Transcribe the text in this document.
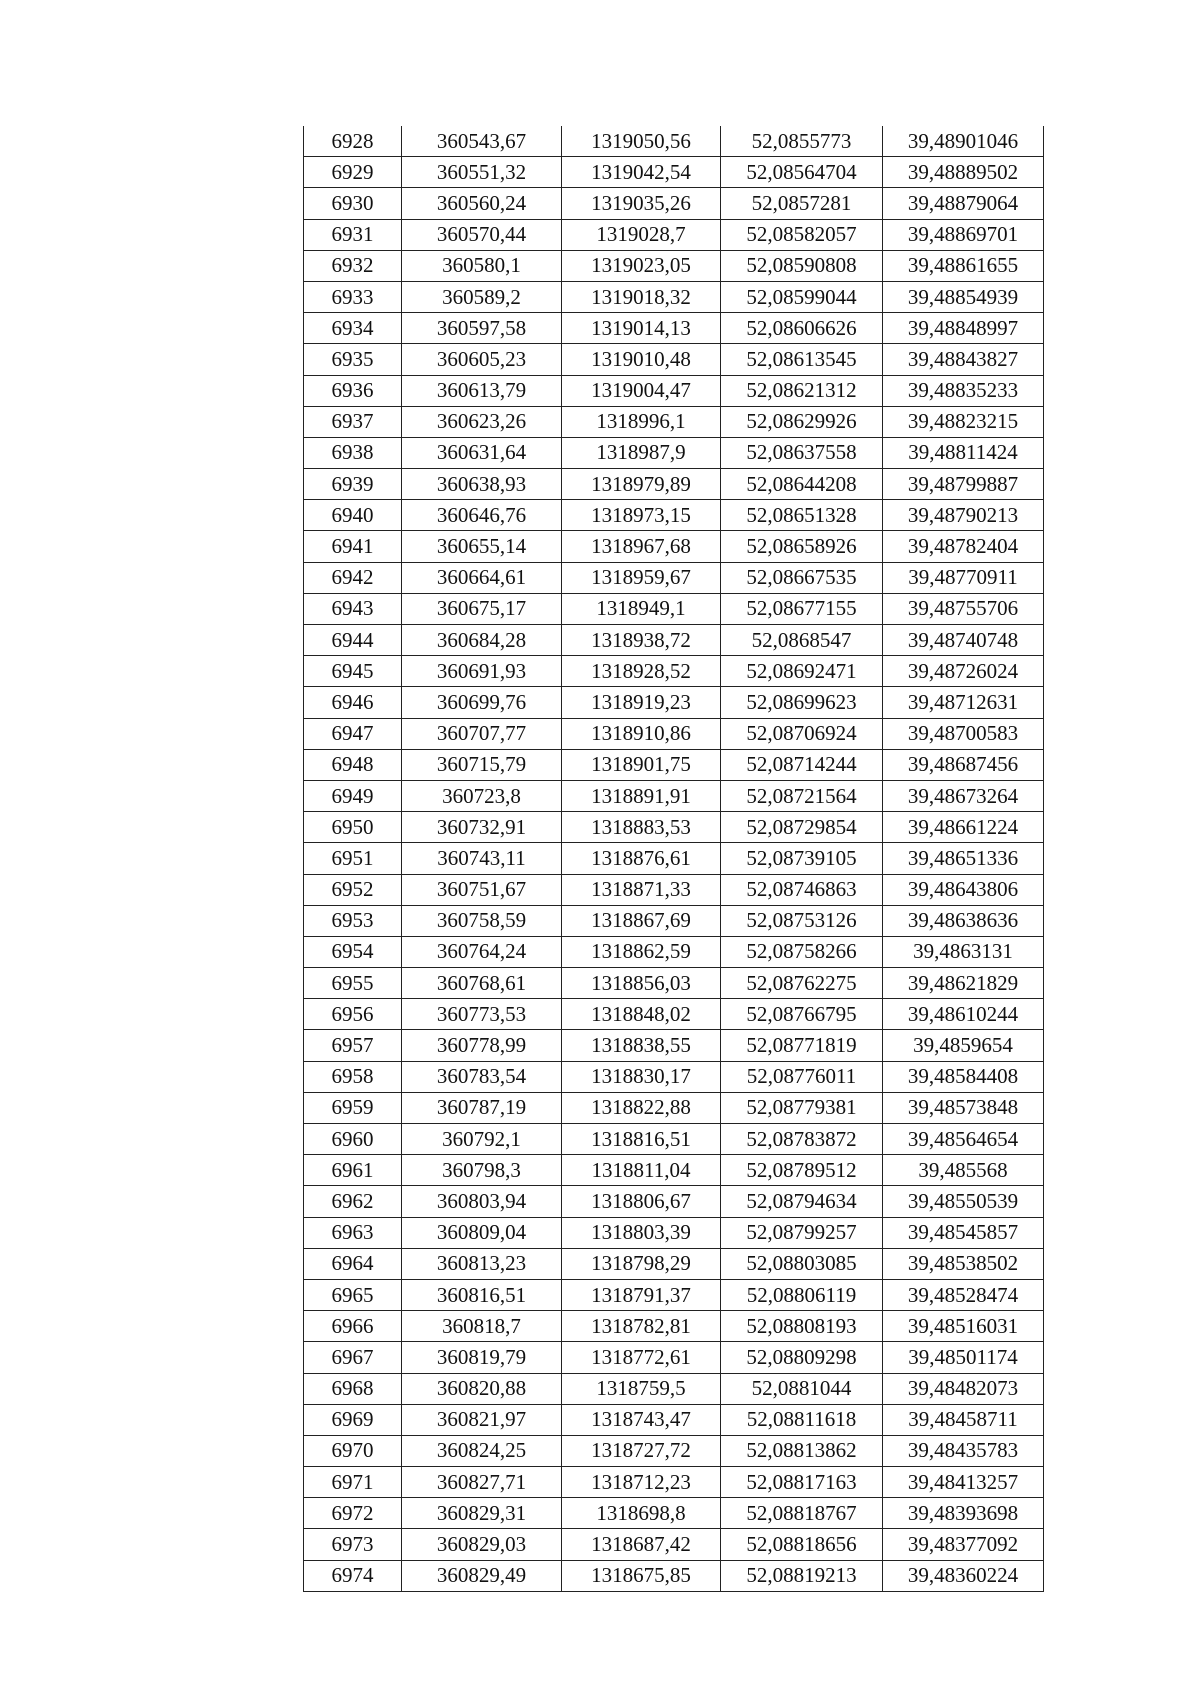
6928	360543,67	1319050,56	52,0855773	39,48901046
6929	360551,32	1319042,54	52,08564704	39,48889502
6930	360560,24	1319035,26	52,0857281	39,48879064
6931	360570,44	1319028,7	52,08582057	39,48869701
6932	360580,1	1319023,05	52,08590808	39,48861655
6933	360589,2	1319018,32	52,08599044	39,48854939
6934	360597,58	1319014,13	52,08606626	39,48848997
6935	360605,23	1319010,48	52,08613545	39,48843827
6936	360613,79	1319004,47	52,08621312	39,48835233
6937	360623,26	1318996,1	52,08629926	39,48823215
6938	360631,64	1318987,9	52,08637558	39,48811424
6939	360638,93	1318979,89	52,08644208	39,48799887
6940	360646,76	1318973,15	52,08651328	39,48790213
6941	360655,14	1318967,68	52,08658926	39,48782404
6942	360664,61	1318959,67	52,08667535	39,48770911
6943	360675,17	1318949,1	52,08677155	39,48755706
6944	360684,28	1318938,72	52,0868547	39,48740748
6945	360691,93	1318928,52	52,08692471	39,48726024
6946	360699,76	1318919,23	52,08699623	39,48712631
6947	360707,77	1318910,86	52,08706924	39,48700583
6948	360715,79	1318901,75	52,08714244	39,48687456
6949	360723,8	1318891,91	52,08721564	39,48673264
6950	360732,91	1318883,53	52,08729854	39,48661224
6951	360743,11	1318876,61	52,08739105	39,48651336
6952	360751,67	1318871,33	52,08746863	39,48643806
6953	360758,59	1318867,69	52,08753126	39,48638636
6954	360764,24	1318862,59	52,08758266	39,4863131
6955	360768,61	1318856,03	52,08762275	39,48621829
6956	360773,53	1318848,02	52,08766795	39,48610244
6957	360778,99	1318838,55	52,08771819	39,4859654
6958	360783,54	1318830,17	52,08776011	39,48584408
6959	360787,19	1318822,88	52,08779381	39,48573848
6960	360792,1	1318816,51	52,08783872	39,48564654
6961	360798,3	1318811,04	52,08789512	39,485568
6962	360803,94	1318806,67	52,08794634	39,48550539
6963	360809,04	1318803,39	52,08799257	39,48545857
6964	360813,23	1318798,29	52,08803085	39,48538502
6965	360816,51	1318791,37	52,08806119	39,48528474
6966	360818,7	1318782,81	52,08808193	39,48516031
6967	360819,79	1318772,61	52,08809298	39,48501174
6968	360820,88	1318759,5	52,0881044	39,48482073
6969	360821,97	1318743,47	52,08811618	39,48458711
6970	360824,25	1318727,72	52,08813862	39,48435783
6971	360827,71	1318712,23	52,08817163	39,48413257
6972	360829,31	1318698,8	52,08818767	39,48393698
6973	360829,03	1318687,42	52,08818656	39,48377092
6974	360829,49	1318675,85	52,08819213	39,48360224
